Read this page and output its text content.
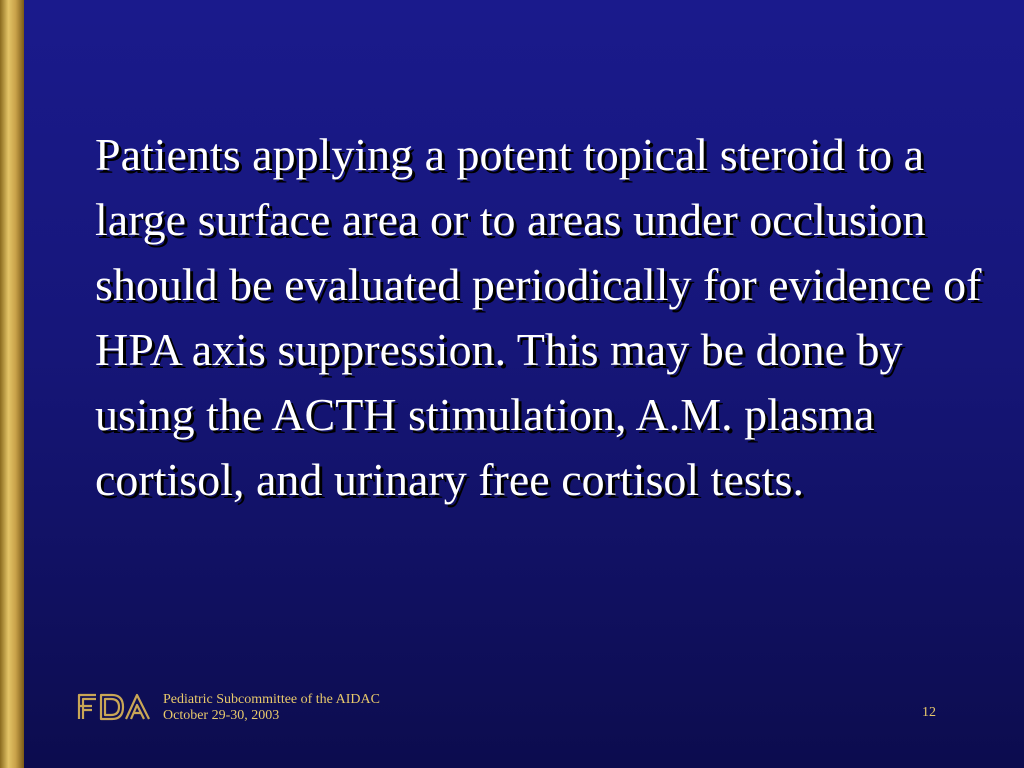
Patients applying a potent topical steroid to a large surface area or to areas under occlusion should be evaluated periodically for evidence of HPA axis suppression. This may be done by using the ACTH stimulation, A.M. plasma cortisol, and urinary free cortisol tests.

Pediatric Subcommittee of the AIDAC
October 29-30, 2003	12
